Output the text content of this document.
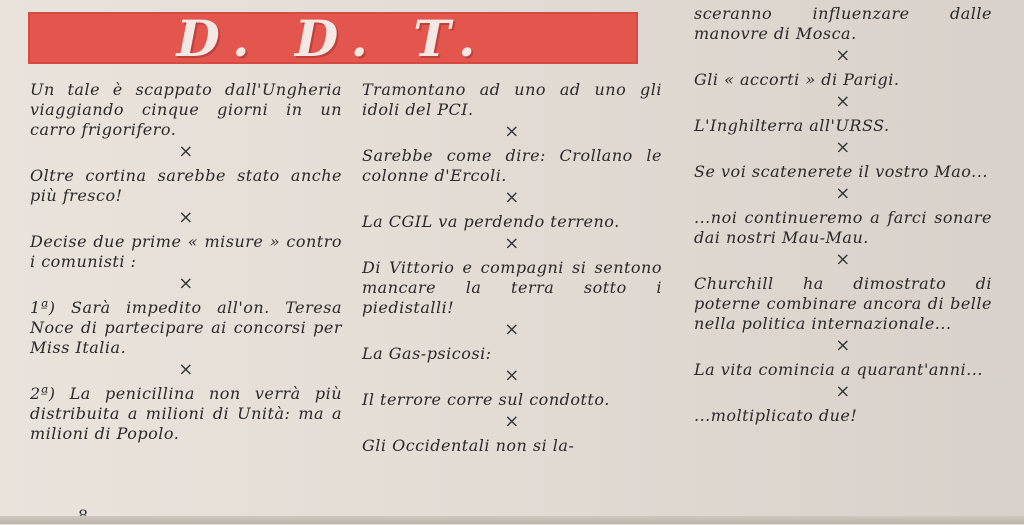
D. D. T.

Un tale è scappato dall'Ungheria viaggiando cinque giorni in un carro frigorifero.

×

Oltre cortina sarebbe stato anche più fresco!

×

Decise due prime « misure » contro i comunisti :

×

1ª) Sarà impedito all'on. Teresa Noce di partecipare ai concorsi per Miss Italia.

×

2ª) La penicillina non verrà più distribuita a milioni di Unità: ma a milioni di Popolo.

Tramontano ad uno ad uno gli idoli del PCI.

×

Sarebbe come dire: Crollano le colonne d'Ercoli.

×

La CGIL va perdendo terreno.

×

Di Vittorio e compagni si sentono mancare la terra sotto i piedistalli!

×

La Gas-psicosi:

×

Il terrore corre sul condotto.

×

Gli Occidentali non si la-

sceranno influenzare dalle manovre di Mosca.

×

Gli « accorti » di Parigi.

×

L'Inghilterra all'URSS.

×

Se voi scatenerete il vostro Mao...

×

...noi continueremo a farci sonare dai nostri Mau-Mau.

×

Churchill ha dimostrato di poterne combinare ancora di belle nella politica internazionale...

×

La vita comincia a quarant'anni...

×

...moltiplicato due!
